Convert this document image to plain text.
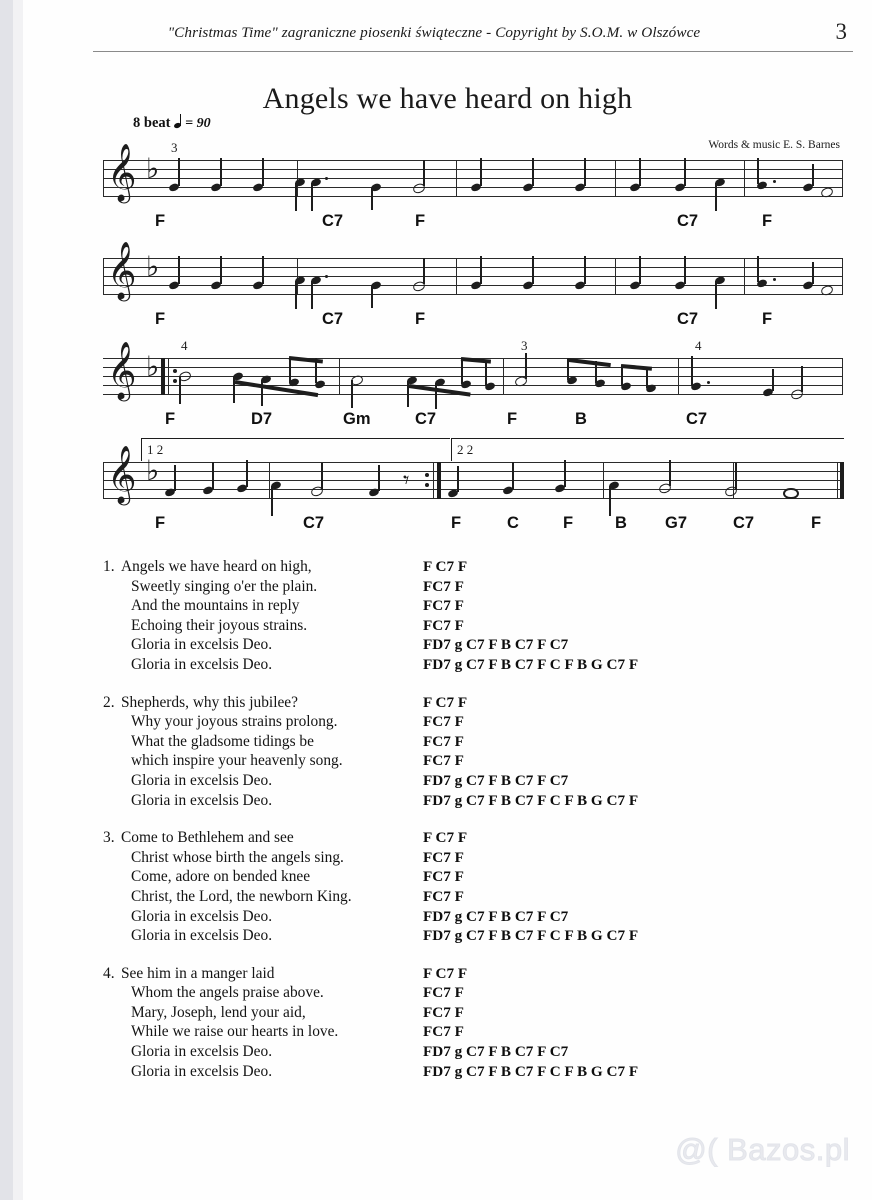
"Christmas Time" zagraniczne piosenki świąteczne - Copyright by S.O.M. w Olszówce	3
Angels we have heard on high
8 beat = 90
Words & music E. S. Barnes
𝄞 ♭
3
F	C7	F	C7	F
𝄞 ♭
F	C7	F	C7	F
𝄞 ♭
4	3	4
F	D7	Gm	C7	F	B	C7
1 2	2 2
𝄞 ♭	𝄾
F	C7	F	C	F	B G7	C7	F
1. Angels we have heard on high,	F C7 F
Sweetly singing o'er the plain.	FC7 F
And the mountains in reply	FC7 F
Echoing their joyous strains.	FC7 F
Gloria in excelsis Deo.	FD7 g C7 F B C7 F C7
Gloria in excelsis Deo.	FD7 g C7 F B C7 F C F B G C7 F
2. Shepherds, why this jubilee?	F C7 F
Why your joyous strains prolong.	FC7 F
What the gladsome tidings be	FC7 F
which inspire your heavenly song.	FC7 F
Gloria in excelsis Deo.	FD7 g C7 F B C7 F C7
Gloria in excelsis Deo.	FD7 g C7 F B C7 F C F B G C7 F
3. Come to Bethlehem and see	F C7 F
Christ whose birth the angels sing.	FC7 F
Come, adore on bended knee	FC7 F
Christ, the Lord, the newborn King.	FC7 F
Gloria in excelsis Deo.	FD7 g C7 F B C7 F C7
Gloria in excelsis Deo.	FD7 g C7 F B C7 F C F B G C7 F
4. See him in a manger laid	F C7 F
Whom the angels praise above.	FC7 F
Mary, Joseph, lend your aid,	FC7 F
While we raise our hearts in love.	FC7 F
Gloria in excelsis Deo.	FD7 g C7 F B C7 F C7
Gloria in excelsis Deo.	FD7 g C7 F B C7 F C F B G C7 F
@( Bazos.pl
